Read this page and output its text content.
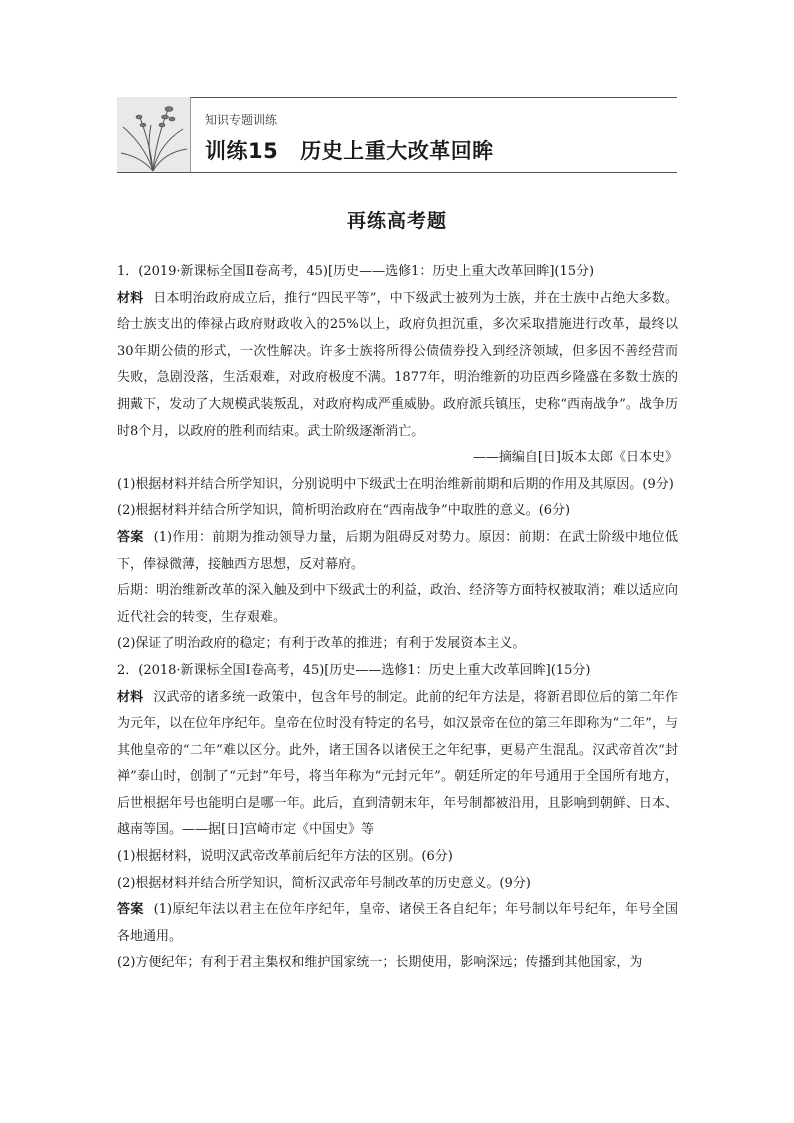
知识专题训练
训练15 历史上重大改革回眸
再练高考题

1．(2019·新课标全国Ⅱ卷高考，45)[历史——选修1：历史上重大改革回眸](15分)

材料 日本明治政府成立后，推行“四民平等”，中下级武士被列为士族，并在士族中占绝大多数。给士族支出的俸禄占政府财政收入的25%以上，政府负担沉重，多次采取措施进行改革，最终以30年期公债的形式，一次性解决。许多士族将所得公债债券投入到经济领域，但多因不善经营而失败，急剧没落，生活艰难，对政府极度不满。1877年，明治维新的功臣西乡隆盛在多数士族的拥戴下，发动了大规模武装叛乱，对政府构成严重威胁。政府派兵镇压，史称“西南战争”。战争历时8个月，以政府的胜利而结束。武士阶级逐渐消亡。

——摘编自[日]坂本太郎《日本史》

(1)根据材料并结合所学知识，分别说明中下级武士在明治维新前期和后期的作用及其原因。(9分)

(2)根据材料并结合所学知识，简析明治政府在“西南战争”中取胜的意义。(6分)

答案 (1)作用：前期为推动领导力量，后期为阻碍反对势力。原因：前期：在武士阶级中地位低下，俸禄微薄，接触西方思想，反对幕府。

后期：明治维新改革的深入触及到中下级武士的利益，政治、经济等方面特权被取消；难以适应向近代社会的转变，生存艰难。

(2)保证了明治政府的稳定；有利于改革的推进；有利于发展资本主义。

2．(2018·新课标全国Ⅰ卷高考，45)[历史——选修1：历史上重大改革回眸](15分)

材料 汉武帝的诸多统一政策中，包含年号的制定。此前的纪年方法是，将新君即位后的第二年作为元年，以在位年序纪年。皇帝在位时没有特定的名号，如汉景帝在位的第三年即称为“二年”，与其他皇帝的“二年”难以区分。此外，诸王国各以诸侯王之年纪事，更易产生混乱。汉武帝首次“封禅”泰山时，创制了“元封”年号，将当年称为“元封元年”。朝廷所定的年号通用于全国所有地方，后世根据年号也能明白是哪一年。此后，直到清朝末年，年号制都被沿用，且影响到朝鲜、日本、越南等国。——据[日]宫崎市定《中国史》等

(1)根据材料，说明汉武帝改革前后纪年方法的区别。(6分)

(2)根据材料并结合所学知识，简析汉武帝年号制改革的历史意义。(9分)

答案 (1)原纪年法以君主在位年序纪年，皇帝、诸侯王各自纪年；年号制以年号纪年，年号全国各地通用。

(2)方便纪年；有利于君主集权和维护国家统一；长期使用，影响深远；传播到其他国家，为
